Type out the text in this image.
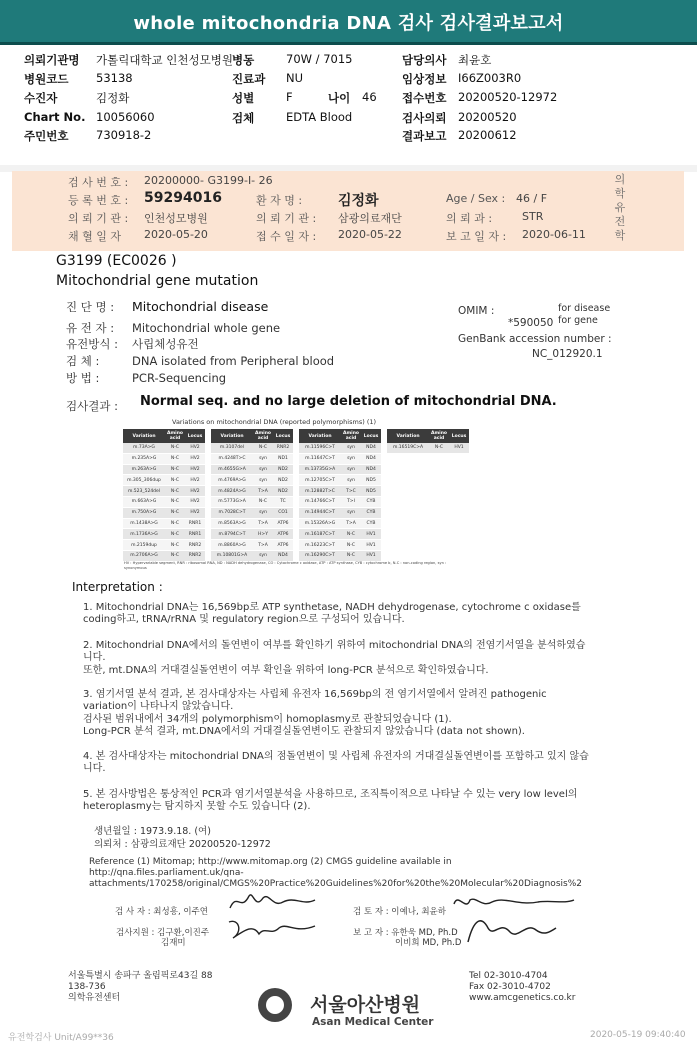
whole mitochondria DNA 검사 검사결과보고서
의뢰기관명 가톨릭대학교 인천성모병원 병동	70W / 7015	담당의사 최윤호
병원코드 53138	진료과 NU	임상정보 I66Z003R0
수진자	김정화	성별	F	나이 46 접수번호 20200520-12972
Chart No. 10056060	검체	EDTA Blood	검사의뢰 20200520
주민번호 730918-2	결과보고 20200612
검 사 번 호 : 20200000- G3199-I- 26
등 록 번 호 : 59294016	환 자 명 :	김정화	Age / Sex : 46 / F
의 뢰 기 관 : 인천성모병원	의 뢰 기 관 : 삼광의료재단	의 뢰 과 :	STR
채 혈 일 자 2020-05-20	접 수 일 자 : 2020-05-22	보 고 일 자 : 2020-06-11
의
학
유
전
학
G3199 (EC0026 )
Mitochondrial gene mutation
진 단 명 : Mitochondrial disease
유 전 자 : Mitochondrial whole gene
유전방식 : 사립체성유전
검 체 :	DNA isolated from Peripheral blood
방 법 :	PCR-Sequencing
OMIM :	for disease
*590050 for gene
GenBank accession number :
NC_012920.1
검사결과 : Normal seq. and no large deletion of mitochondrial DNA.
Variations on mitochondrial DNA (reported polymorphisms) (1)
Variation	Amino acid	Locus		Variation	Amino acid	Locus		Variation	Amino acid	Locus		Variation	Amino acid	Locus
m.73A>G	N-C	HV2		m.3107del	N-C	RNR2		m.11596C>T	syn	ND4		m.16519C>A	N-C	HV1
m.235A>G	N-C	HV2		m.4248T>C	syn	ND1		m.11647C>T	syn	ND4				
m.263A>G	N-C	HV2		m.4655G>A	syn	ND2		m.13735G>A	syn	ND4				
m.305_306dup	N-C	HV2		m.4769A>G	syn	ND2		m.12705C>T	syn	ND5				
m.523_524del	N-C	HV2		m.4824A>G	T>A	ND2		m.12882T>C	T>C	ND5				
m.663A>G	N-C	HV2		m.5773G>A	N-C	TC		m.14766C>T	T>I	CYB				
m.750A>G	N-C	HV2		m.7028C>T	syn	CO1		m.14944C>T	syn	CYB				
m.1438A>G	N-C	RNR1		m.8563A>G	T>A	ATP6		m.15326A>G	T>A	CYB				
m.1736A>G	N-C	RNR1		m.8794C>T	H>Y	ATP6		m.16187C>T	N-C	HV1				
m.2159dup	N-C	RNR2		m.8860A>G	T>A	ATP6		m.16223C>T	N-C	HV1				
m.2706A>G	N-C	RNR2		m.10801G>A	syn	ND4		m.16290C>T	N-C	HV1				
HV : Hypervariable segment, RNR : ribosomal RNA, ND : NADH dehydrogenase, CO : Cytochrome c oxidase, ATP : ATP synthase, CYB : cytochrome b, N-C : non-coding region, syn : synonymous
Interpretation :
1. Mitochondrial DNA는 16,569bp로 ATP synthetase, NADH dehydrogenase, cytochrome c oxidase를 coding하고, tRNA/rRNA 및 regulatory region으로 구성되어 있습니다.
2. Mitochondrial DNA에서의 돌연변이 여부를 확인하기 위하여 mitochondrial DNA의 전염기서열을 분석하였습니다.
또한, mt.DNA의 거대결실돌연변이 여부 확인을 위하여 long-PCR 분석으로 확인하였습니다.
3. 염기서열 분석 결과, 본 검사대상자는 사립체 유전자 16,569bp의 전 염기서열에서 알려진 pathogenic variation이 나타나지 않았습니다.
검사된 범위내에서 34개의 polymorphism이 homoplasmy로 관찰되었습니다 (1).
Long-PCR 분석 결과, mt.DNA에서의 거대결실돌연변이도 관찰되지 않았습니다 (data not shown).
4. 본 검사대상자는 mitochondrial DNA의 점돌연변이 및 사립체 유전자의 거대결실돌연변이를 포함하고 있지 않습니다.
5. 본 검사방법은 통상적인 PCR과 염기서열분석을 사용하므로, 조직특이적으로 나타날 수 있는 very low level의 heteroplasmy는 탐지하지 못할 수도 있습니다 (2).
생년월일 : 1973.9.18. (여)
의뢰처 : 삼광의료재단 20200520-12972
Reference (1) Mitomap; http://www.mitomap.org (2) CMGS guideline available in http://qna.files.parliament.uk/qna-attachments/170258/original/CMGS%20Practice%20Guidelines%20for%20the%20Molecular%20Diagnosis%2
검 사 자 : 최성흥, 이주연	검 토 자 : 이예나, 최윤하
검사지원 : 김구환,이진주
김재미
보 고 자 : 유한욱 MD, Ph.D
이비희 MD, Ph.D
서울특별시 송파구 올림픽로43길 88
138-736
의학유전센터	서울아산병원
Asan Medical Center
Tel 02-3010-4704
Fax 02-3010-4702
www.amcgenetics.co.kr
유전학검사 Unit/A99**36	2020-05-19 09:40:40
